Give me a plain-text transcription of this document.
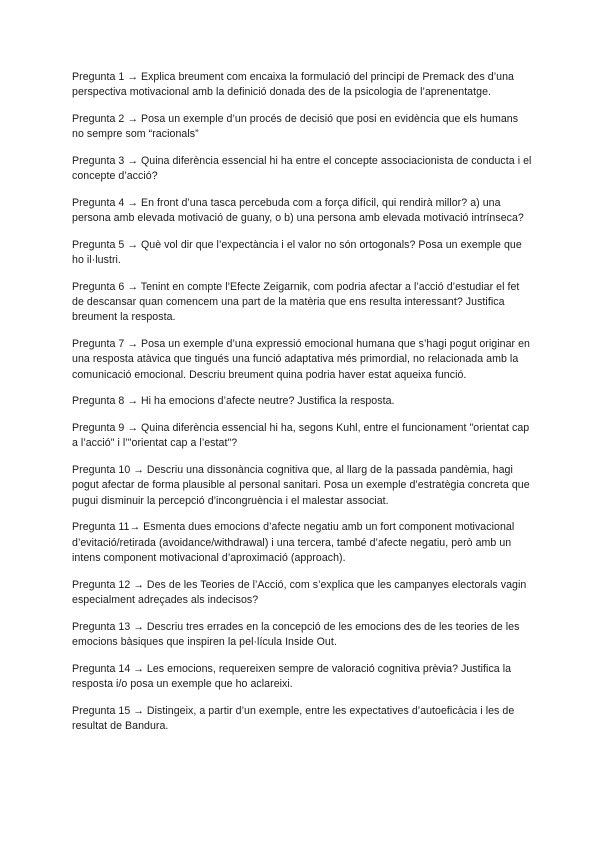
Pregunta 1 → Explica breument com encaixa la formulació del principi de Premack des d’una perspectiva motivacional amb la definició donada des de la psicologia de l’aprenentatge.

Pregunta 2 → Posa un exemple d’un procés de decisió que posi en evidència que els humans no sempre som “racionals”

Pregunta 3 → Quina diferència essencial hi ha entre el concepte associacionista de conducta i el concepte d’acció?

Pregunta 4 → En front d’una tasca percebuda com a força difícil, qui rendirà millor? a) una persona amb elevada motivació de guany, o b) una persona amb elevada motivació intrínseca?

Pregunta 5 → Què vol dir que l’expectància i el valor no són ortogonals? Posa un exemple que ho il·lustri.

Pregunta 6 → Tenint en compte l’Efecte Zeigarnik, com podria afectar a l’acció d’estudiar el fet de descansar quan comencem una part de la matèria que ens resulta interessant? Justifica breument la resposta.

Pregunta 7 → Posa un exemple d’una expressió emocional humana que s’hagi pogut originar en una resposta atàvica que tingués una funció adaptativa més primordial, no relacionada amb la comunicació emocional. Descriu breument quina podria haver estat aqueixa funció.

Pregunta 8 → Hi ha emocions d’afecte neutre? Justifica la resposta.

Pregunta 9 → Quina diferència essencial hi ha, segons Kuhl, entre el funcionament "orientat cap a l’acció" i l’"orientat cap a l’estat"?

Pregunta 10 → Descriu una dissonància cognitiva que, al llarg de la passada pandèmia, hagi pogut afectar de forma plausible al personal sanitari. Posa un exemple d’estratègia concreta que pugui disminuir la percepció d’incongruència i el malestar associat.

Pregunta 11→ Esmenta dues emocions d’afecte negatiu amb un fort component motivacional d’evitació/retirada (avoidance/withdrawal) i una tercera, també d’afecte negatiu, però amb un intens component motivacional d’aproximació (approach).

Pregunta 12 → Des de les Teories de l’Acció, com s’explica que les campanyes electorals vagin especialment adreçades als indecisos?

Pregunta 13 → Descriu tres errades en la concepció de les emocions des de les teories de les emocions bàsiques que inspiren la pel·lícula Inside Out.

Pregunta 14 → Les emocions, requereixen sempre de valoració cognitiva prèvia? Justifica la resposta i/o posa un exemple que ho aclareixi.

Pregunta 15 → Distingeix, a partir d’un exemple, entre les expectatives d’autoeficàcia i les de resultat de Bandura.
